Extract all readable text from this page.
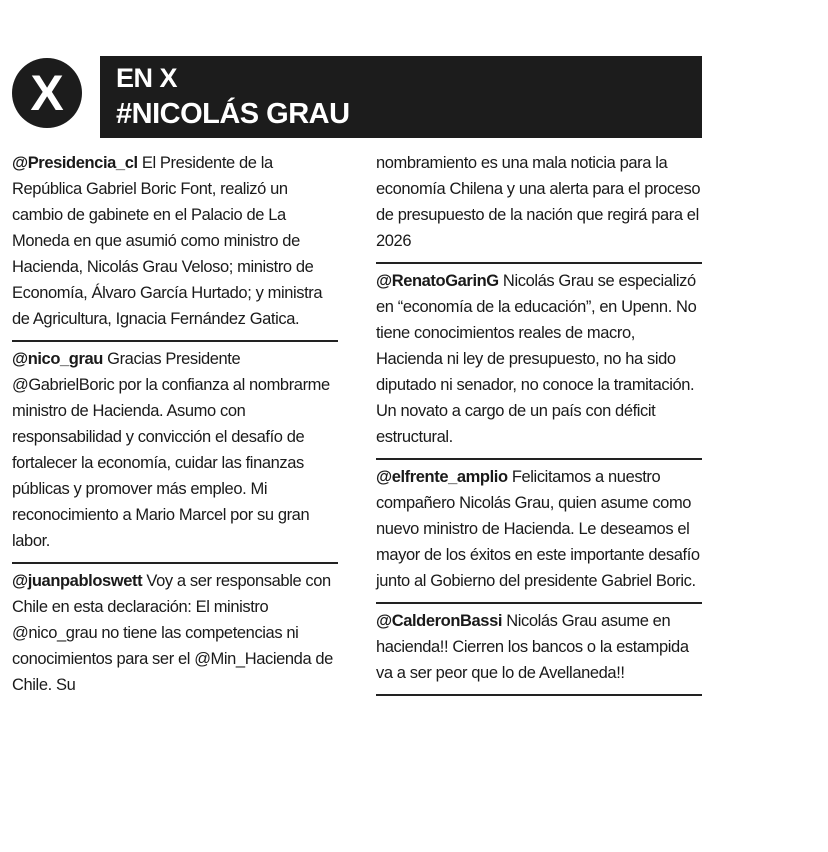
X	EN X
#NICOLÁS GRAU
@Presidencia_cl El Presidente de la República Gabriel Boric Font, realizó un cambio de gabinete en el Palacio de La Moneda en que asumió como ministro de Hacienda, Nicolás Grau Veloso; ministro de Economía, Álvaro García Hurtado; y ministra de Agricultura, Ignacia Fernández Gatica.
@nico_grau Gracias Presidente @GabrielBoric por la confianza al nombrarme ministro de Hacienda. Asumo con responsabilidad y convicción el desafío de fortalecer la economía, cuidar las finanzas públicas y promover más empleo. Mi reconocimiento a Mario Marcel por su gran labor.
@juanpabloswett Voy a ser responsable con Chile en esta declaración: El ministro @nico_grau no tiene las competencias ni conocimientos para ser el @Min_Hacienda de Chile. Su
nombramiento es una mala noticia para la economía Chilena y una alerta para el proceso de presupuesto de la nación que regirá para el 2026
@RenatoGarinG Nicolás Grau se especializó en “economía de la educación”, en Upenn. No tiene conocimientos reales de macro, Hacienda ni ley de presupuesto, no ha sido diputado ni senador, no conoce la tramitación. Un novato a cargo de un país con déficit estructural.
@elfrente_amplio Felicitamos a nuestro compañero Nicolás Grau, quien asume como nuevo ministro de Hacienda. Le deseamos el mayor de los éxitos en este importante desafío junto al Gobierno del presidente Gabriel Boric.
@CalderonBassi Nicolás Grau asume en hacienda!! Cierren los bancos o la estampida va a ser peor que lo de Avellaneda!!
